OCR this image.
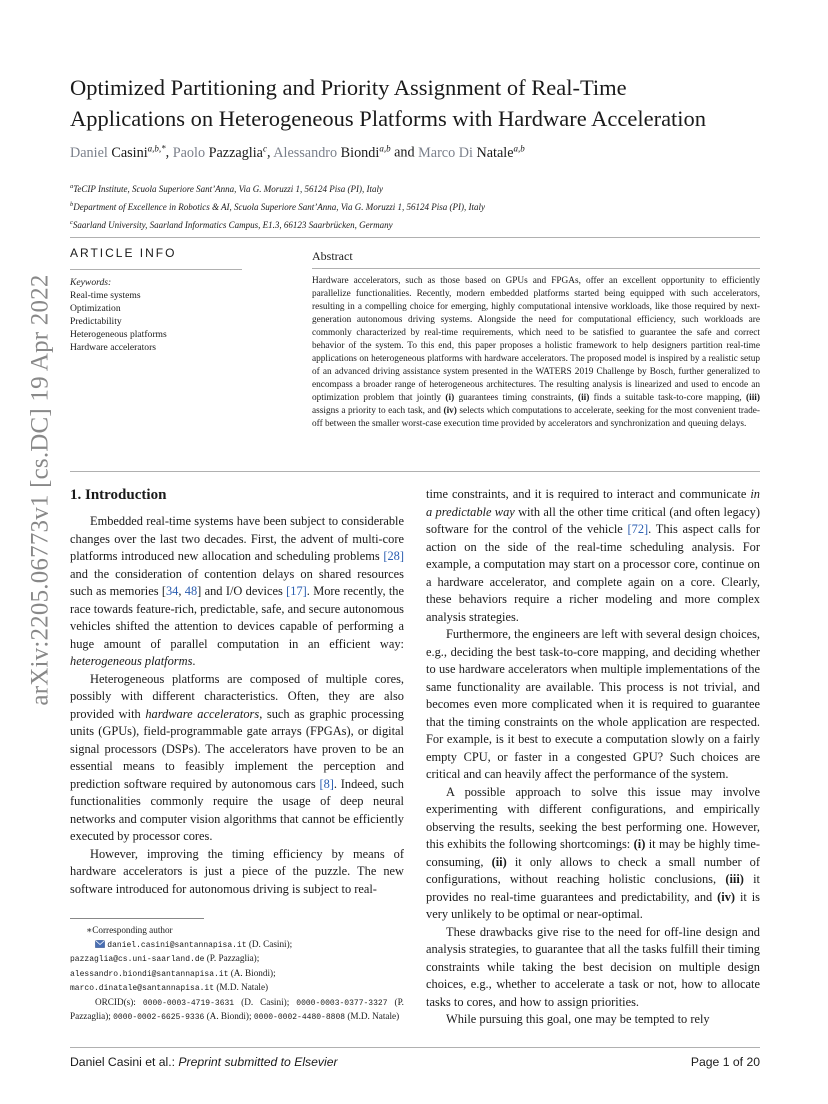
arXiv:2205.06773v1 [cs.DC] 19 Apr 2022
Optimized Partitioning and Priority Assignment of Real-Time
Applications on Heterogeneous Platforms with Hardware Acceleration
Daniel Casini$^{a,b,*}$, Paolo Pazzaglia$^c$, Alessandro Biondi$^{a,b}$ and Marco Di Natale$^{a,b}$
$^a$TeCIP Institute, Scuola Superiore Sant’Anna, Via G. Moruzzi 1, 56124 Pisa (PI), Italy
$^b$Department of Excellence in Robotics & AI, Scuola Superiore Sant’Anna, Via G. Moruzzi 1, 56124 Pisa (PI), Italy
$^c$Saarland University, Saarland Informatics Campus, E1.3, 66123 Saarbrücken, Germany
ARTICLE INFO
Keywords:
Real-time systems
Optimization
Predictability
Heterogeneous platforms
Hardware accelerators
Abstract

Hardware accelerators, such as those based on GPUs and FPGAs, offer an excellent opportunity to efficiently parallelize functionalities. Recently, modern embedded platforms started being equipped with such accelerators, resulting in a compelling choice for emerging, highly computational intensive workloads, like those required by next-generation autonomous driving systems. Alongside the need for computational efficiency, such workloads are commonly characterized by real-time requirements, which need to be satisfied to guarantee the safe and correct behavior of the system. To this end, this paper proposes a holistic framework to help designers partition real-time applications on heterogeneous platforms with hardware accelerators. The proposed model is inspired by a realistic setup of an advanced driving assistance system presented in the WATERS 2019 Challenge by Bosch, further generalized to encompass a broader range of heterogeneous architectures. The resulting analysis is linearized and used to encode an optimization problem that jointly (i) guarantees timing constraints, (ii) finds a suitable task-to-core mapping, (iii) assigns a priority to each task, and (iv) selects which computations to accelerate, seeking for the most convenient trade-off between the smaller worst-case execution time provided by accelerators and synchronization and queuing delays.

1. Introduction

Embedded real-time systems have been subject to considerable changes over the last two decades. First, the advent of multi-core platforms introduced new allocation and scheduling problems [28] and the consideration of contention delays on shared resources such as memories [34, 48] and I/O devices [17]. More recently, the race towards feature-rich, predictable, safe, and secure autonomous vehicles shifted the attention to devices capable of performing a huge amount of parallel computation in an efficient way: heterogeneous platforms.

Heterogeneous platforms are composed of multiple cores, possibly with different characteristics. Often, they are also provided with hardware accelerators, such as graphic processing units (GPUs), field-programmable gate arrays (FPGAs), or digital signal processors (DSPs). The accelerators have proven to be an essential means to feasibly implement the perception and prediction software required by autonomous cars [8]. Indeed, such functionalities commonly require the usage of deep neural networks and computer vision algorithms that cannot be efficiently executed by processor cores.

However, improving the timing efficiency by means of hardware accelerators is just a piece of the puzzle. The new software introduced for autonomous driving is subject to real-

time constraints, and it is required to interact and communicate in a predictable way with all the other time critical (and often legacy) software for the control of the vehicle [72]. This aspect calls for action on the side of the real-time scheduling analysis. For example, a computation may start on a processor core, continue on a hardware accelerator, and complete again on a core. Clearly, these behaviors require a richer modeling and more complex analysis strategies.

Furthermore, the engineers are left with several design choices, e.g., deciding the best task-to-core mapping, and deciding whether to use hardware accelerators when multiple implementations of the same functionality are available. This process is not trivial, and becomes even more complicated when it is required to guarantee that the timing constraints on the whole application are respected. For example, is it best to execute a computation slowly on a fairly empty CPU, or faster in a congested GPU? Such choices are critical and can heavily affect the performance of the system.

A possible approach to solve this issue may involve experimenting with different configurations, and empirically observing the results, seeking the best performing one. However, this exhibits the following shortcomings: (i) it may be highly time-consuming, (ii) it only allows to check a small number of configurations, without reaching holistic conclusions, (iii) it provides no real-time guarantees and predictability, and (iv) it is very unlikely to be optimal or near-optimal.

These drawbacks give rise to the need for off-line design and analysis strategies, to guarantee that all the tasks fulfill their timing constraints while taking the best decision on multiple design choices, e.g., whether to accelerate a task or not, how to allocate tasks to cores, and how to assign priorities.

While pursuing this goal, one may be tempted to rely

∗Corresponding author
daniel.casini@santannapisa.it (D. Casini);
pazzaglia@cs.uni-saarland.de (P. Pazzaglia);
alessandro.biondi@santannapisa.it (A. Biondi);
marco.dinatale@santannapisa.it (M.D. Natale)
ORCID(s): 0000-0003-4719-3631 (D. Casini); 0000-0003-0377-3327 (P. Pazzaglia); 0000-0002-6625-9336 (A. Biondi); 0000-0002-4480-8808 (M.D. Natale)
Daniel Casini et al.: Preprint submitted to Elsevier	Page 1 of 20
